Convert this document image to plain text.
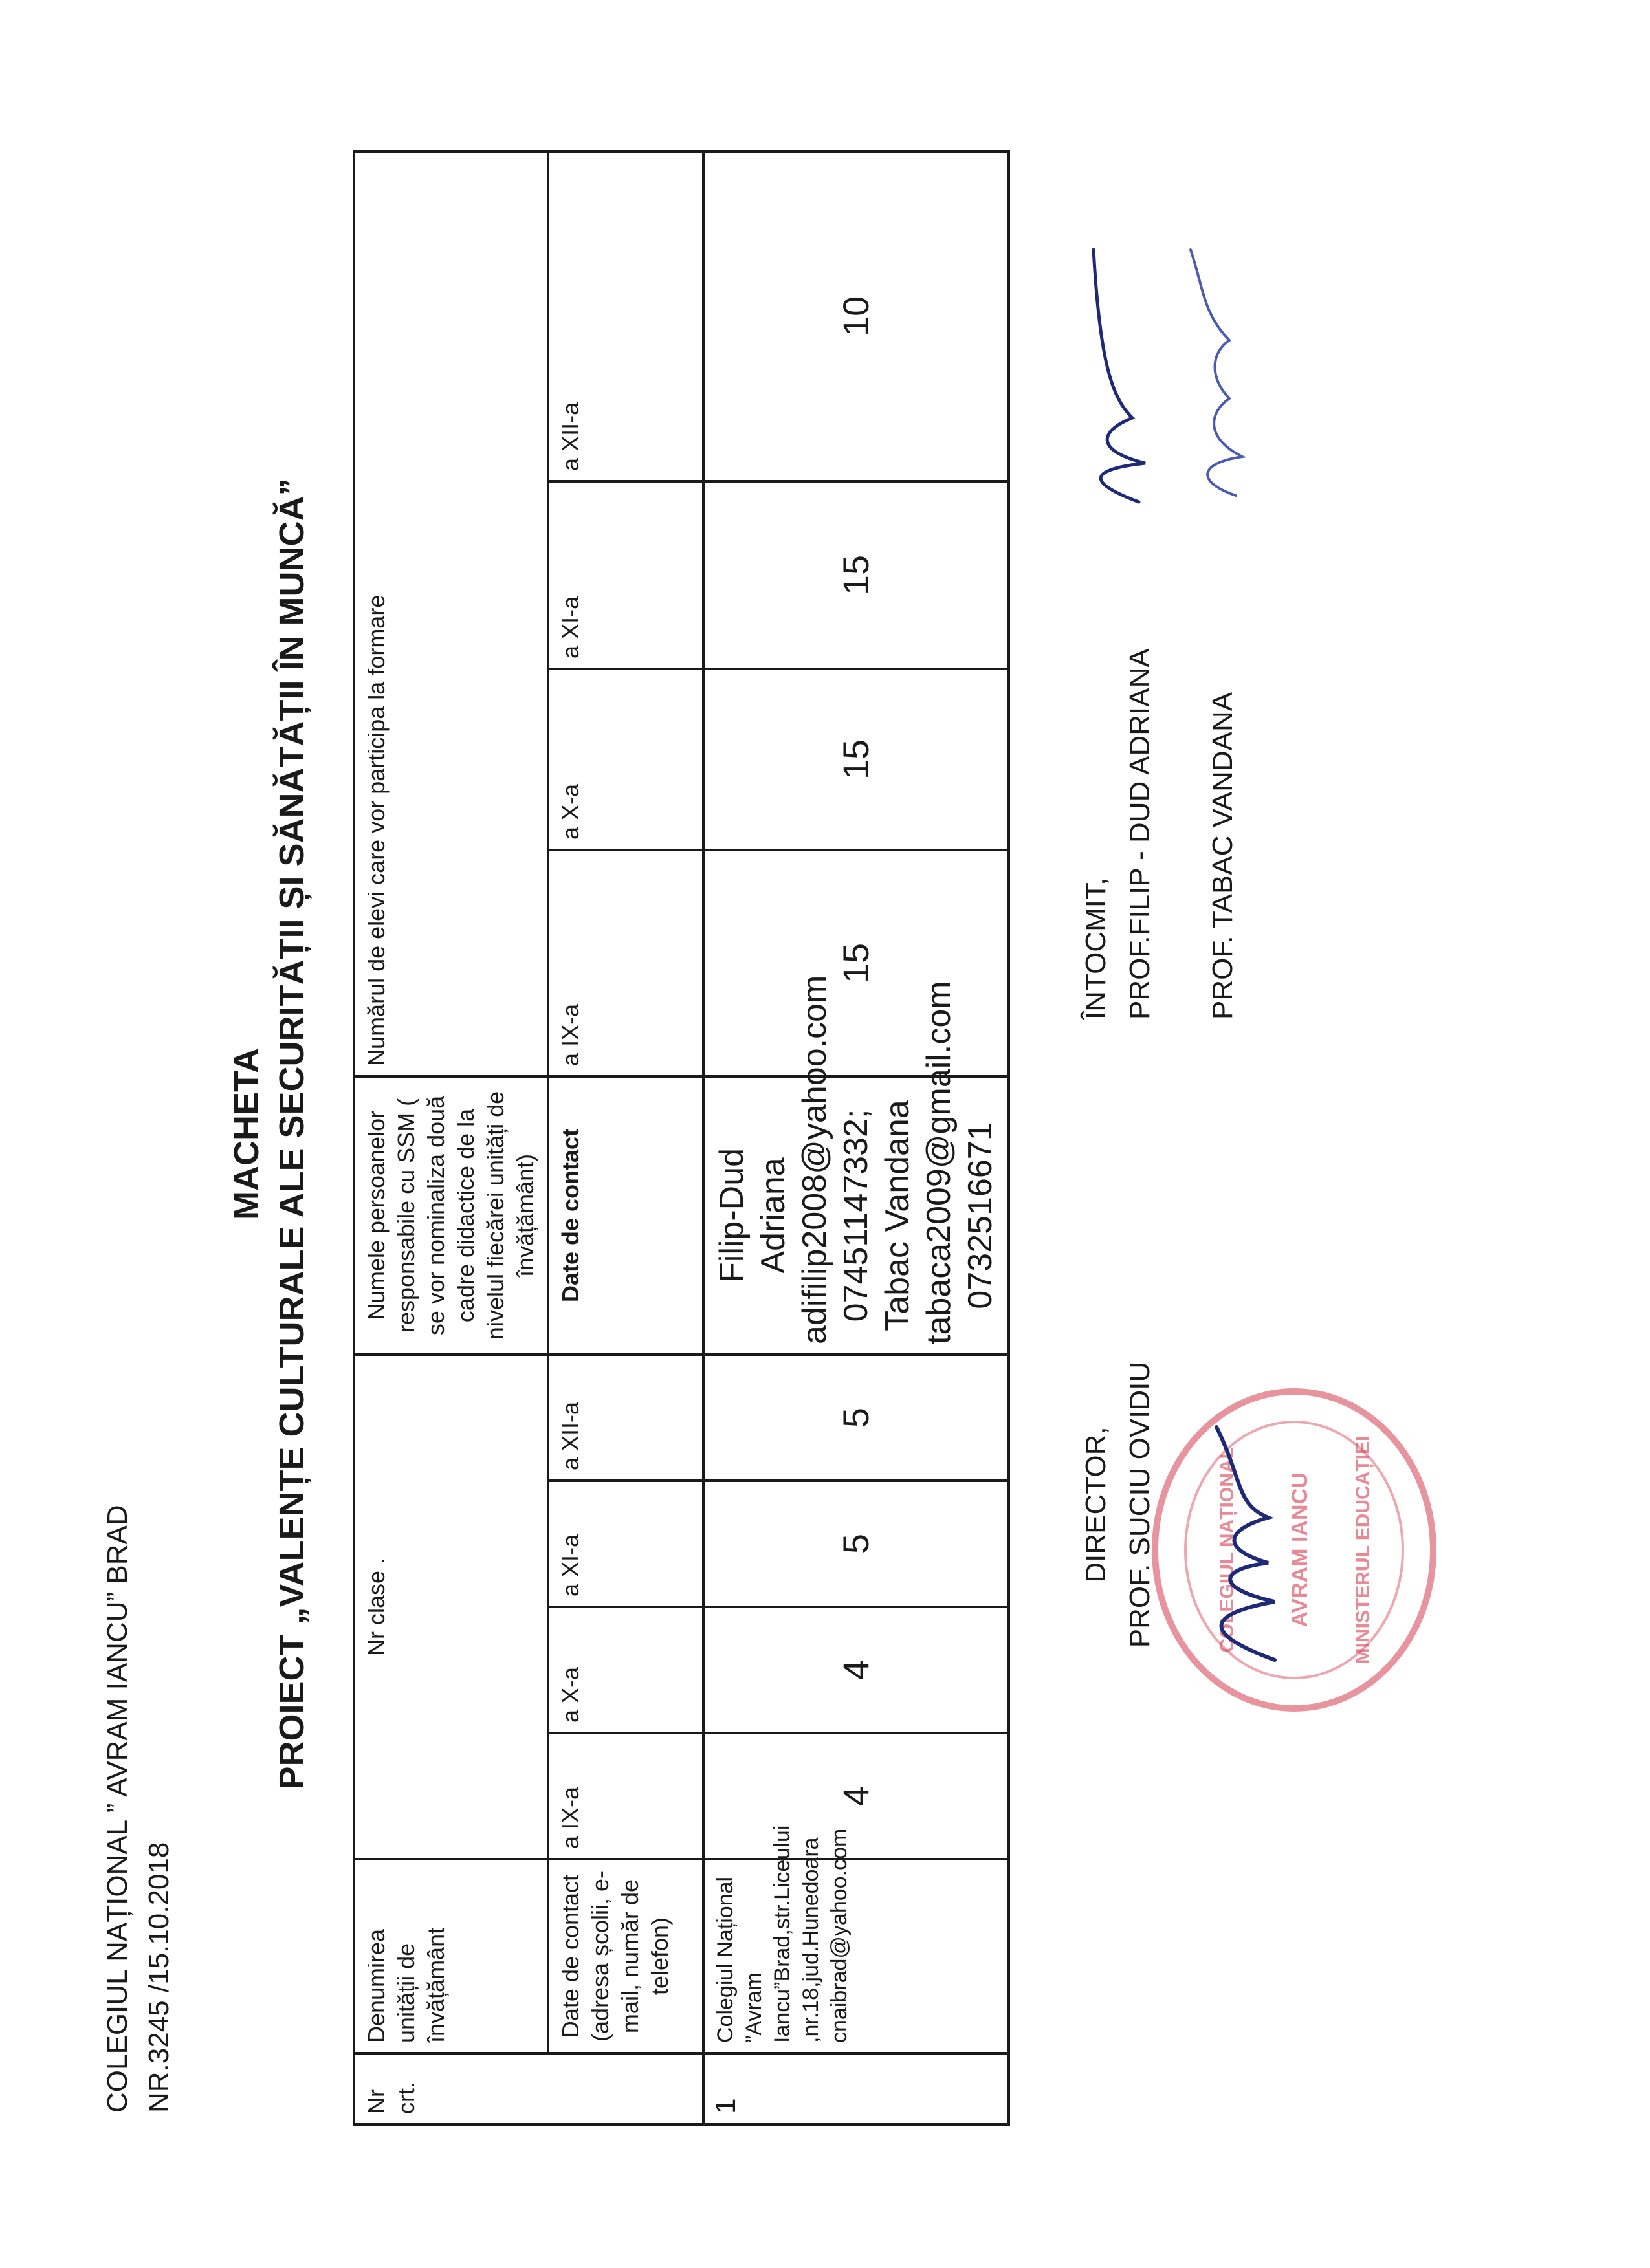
COLEGIUL NAȚIONAL ” AVRAM IANCU” BRAD NR.3245 /15.10.2018
MACHETA PROIECT „VALENȚE CULTURALE ALE SECURITĂȚII ȘI SĂNĂTĂȚII ÎN MUNCĂ”
Nr crt.	Denumirea unității de învățământ	Nr clase .				Numele persoanelor responsabile cu SSM ( se vor nominaliza două cadre didactice de la nivelul fiecărei unități de învățământ)	Numărul de elevi care vor participa la formare			
	Date de contact (adresa școlii, e-mail, număr de telefon)	a IX-a	a X-a	a XI-a	a XII-a	Date de contact	a IX-a	a X-a	a XI-a	a XII-a
1	Colegiul Național ”Avram Iancu”Brad,str.Liceului ,nr.18,jud.Hunedoara cnaibrad@yahoo.com	4	4	5	5	Filip-Dud Adriana adifilip2008@yahoo.com 07451147332; Tabac Vandana tabaca2009@gmail.com 0732516671	15	15	15	10
DIRECTOR, PROF. SUCIU OVIDIU	COLEGIUL NAȚIONAL AVRAM IANCU MINISTERUL EDUCAȚIEI
ÎNTOCMIT, PROF.FILIP - DUD ADRIANA PROF. TABAC VANDANA
